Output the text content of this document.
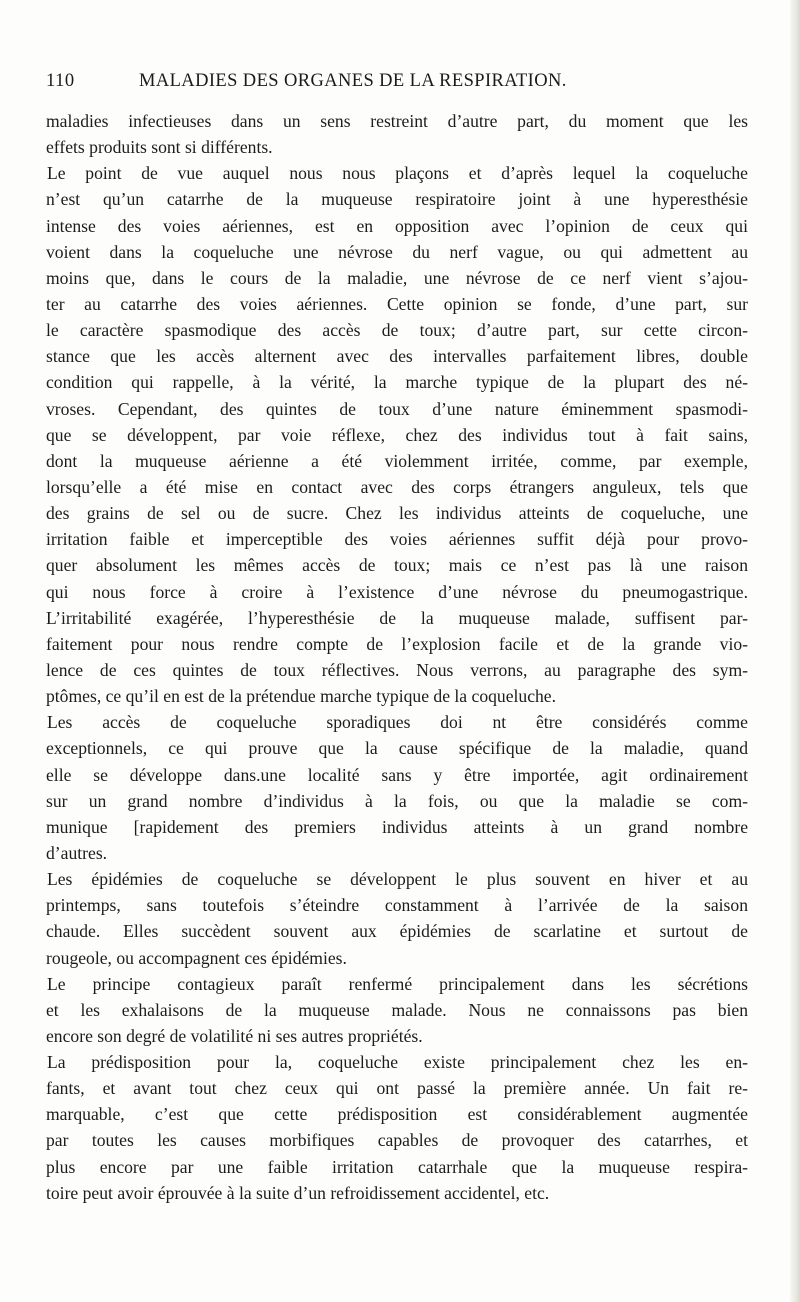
110	MALADIES DES ORGANES DE LA RESPIRATION.
maladies infectieuses dans un sens restreint d’autre part, du moment que les
effets produits sont si différents.
Le point de vue auquel nous nous plaçons et d’après lequel la coqueluche
n’est qu’un catarrhe de la muqueuse respiratoire joint à une hyperesthésie
intense des voies aériennes, est en opposition avec l’opinion de ceux qui
voient dans la coqueluche une névrose du nerf vague, ou qui admettent au
moins que, dans le cours de la maladie, une névrose de ce nerf vient s’ajou-
ter au catarrhe des voies aériennes. Cette opinion se fonde, d’une part, sur
le caractère spasmodique des accès de toux; d’autre part, sur cette circon-
stance que les accès alternent avec des intervalles parfaitement libres, double
condition qui rappelle, à la vérité, la marche typique de la plupart des né-
vroses. Cependant, des quintes de toux d’une nature éminemment spasmodi-
que se développent, par voie réflexe, chez des individus tout à fait sains,
dont la muqueuse aérienne a été violemment irritée, comme, par exemple,
lorsqu’elle a été mise en contact avec des corps étrangers anguleux, tels que
des grains de sel ou de sucre. Chez les individus atteints de coqueluche, une
irritation faible et imperceptible des voies aériennes suffit déjà pour provo-
quer absolument les mêmes accès de toux; mais ce n’est pas là une raison
qui nous force à croire à l’existence d’une névrose du pneumogastrique.
L’irritabilité exagérée, l’hyperesthésie de la muqueuse malade, suffisent par-
faitement pour nous rendre compte de l’explosion facile et de la grande vio-
lence de ces quintes de toux réflectives. Nous verrons, au paragraphe des sym-
ptômes, ce qu’il en est de la prétendue marche typique de la coqueluche.
Les accès de coqueluche sporadiques doi nt être considérés comme
exceptionnels, ce qui prouve que la cause spécifique de la maladie, quand
elle se développe dans.une localité sans y être importée, agit ordinairement
sur un grand nombre d’individus à la fois, ou que la maladie se com-
munique [rapidement des premiers individus atteints à un grand nombre
d’autres.
Les épidémies de coqueluche se développent le plus souvent en hiver et au
printemps, sans toutefois s’éteindre constamment à l’arrivée de la saison
chaude. Elles succèdent souvent aux épidémies de scarlatine et surtout de
rougeole, ou accompagnent ces épidémies.
Le principe contagieux paraît renfermé principalement dans les sécrétions
et les exhalaisons de la muqueuse malade. Nous ne connaissons pas bien
encore son degré de volatilité ni ses autres propriétés.
La prédisposition pour la, coqueluche existe principalement chez les en-
fants, et avant tout chez ceux qui ont passé la première année. Un fait re-
marquable, c’est que cette prédisposition est considérablement augmentée
par toutes les causes morbifiques capables de provoquer des catarrhes, et
plus encore par une faible irritation catarrhale que la muqueuse respira-
toire peut avoir éprouvée à la suite d’un refroidissement accidentel, etc.
